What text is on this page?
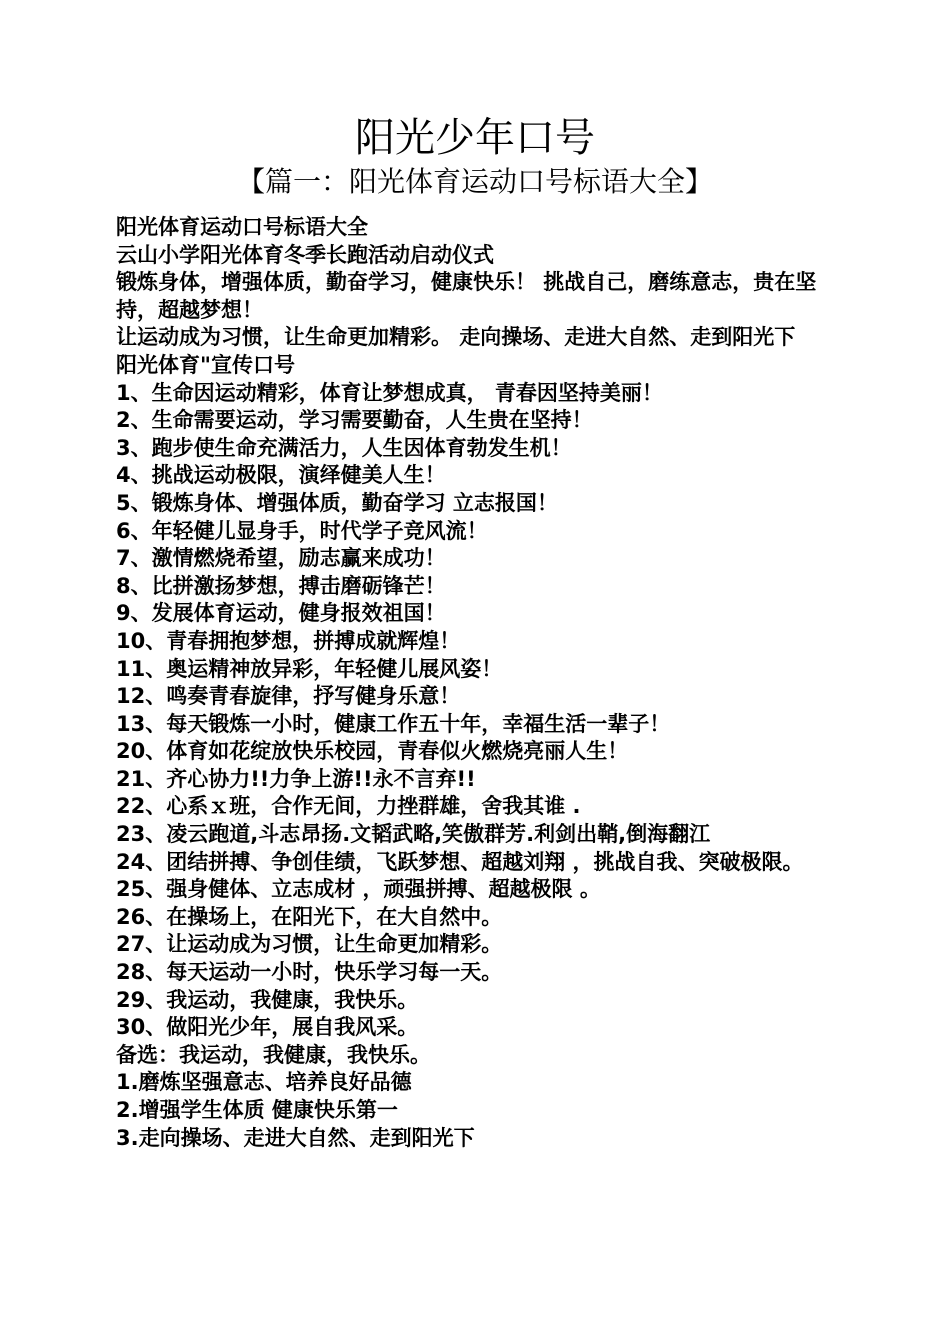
阳光少年口号
【篇一：阳光体育运动口号标语大全】

阳光体育运动口号标语大全

云山小学阳光体育冬季长跑活动启动仪式

锻炼身体，增强体质，勤奋学习，健康快乐！ 挑战自己，磨练意志，贵在坚持，超越梦想！

让运动成为习惯，让生命更加精彩。 走向操场、走进大自然、走到阳光下

阳光体育"宣传口号

1、生命因运动精彩，体育让梦想成真， 青春因坚持美丽！

2、生命需要运动，学习需要勤奋，人生贵在坚持！

3、跑步使生命充满活力，人生因体育勃发生机！

4、挑战运动极限，演绎健美人生！

5、锻炼身体、增强体质，勤奋学习 立志报国！

6、年轻健儿显身手，时代学子竞风流！

7、激情燃烧希望，励志赢来成功！

8、比拼激扬梦想，搏击磨砺锋芒！

9、发展体育运动，健身报效祖国！

10、青春拥抱梦想，拼搏成就辉煌！

11、奥运精神放异彩，年轻健儿展风姿！

12、鸣奏青春旋律，抒写健身乐意！

13、每天锻炼一小时，健康工作五十年，幸福生活一辈子！

20、体育如花绽放快乐校园，青春似火燃烧亮丽人生！

21、齐心协力!!力争上游!!永不言弃!!

22、心系ｘ班，合作无间，力挫群雄，舍我其谁 .

23、凌云跑道,斗志昂扬.文韬武略,笑傲群芳.利剑出鞘,倒海翻江

24、团结拼搏、争创佳绩，飞跃梦想、超越刘翔 ，挑战自我、突破极限。

25、强身健体、立志成材 ，顽强拼搏、超越极限 。

26、在操场上，在阳光下，在大自然中。

27、让运动成为习惯，让生命更加精彩。

28、每天运动一小时，快乐学习每一天。

29、我运动，我健康，我快乐。

30、做阳光少年，展自我风采。

备选：我运动，我健康，我快乐。

1.磨炼坚强意志、培养良好品德

2.增强学生体质 健康快乐第一

3.走向操场、走进大自然、走到阳光下
